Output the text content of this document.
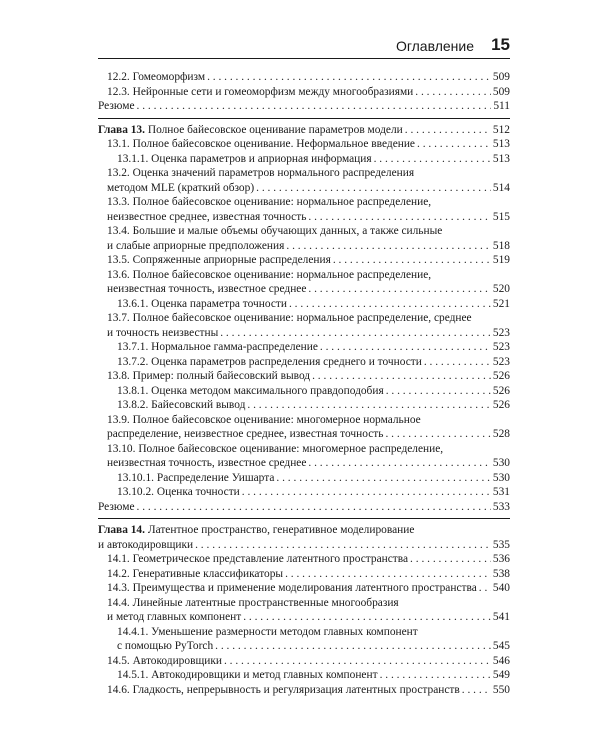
Оглавление 15
12.2. Гомеоморфизм . . .	509
12.3. Нейронные сети и гомеоморфизм между многообразиями . . .	509
Резюме . . .	511
Глава 13. Полное байесовское оценивание параметров модели . . .	512
13.1. Полное байесовское оценивание. Неформальное введение . . .	513
13.1.1. Оценка параметров и априорная информация . . .	513
13.2. Оценка значений параметров нормального распределения
методом MLE (краткий обзор) . . .	514
13.3. Полное байесовское оценивание: нормальное распределение,
неизвестное среднее, известная точность . . .	515
13.4. Большие и малые объемы обучающих данных, а также сильные
и слабые априорные предположения . . .	518
13.5. Сопряженные априорные распределения . . .	519
13.6. Полное байесовское оценивание: нормальное распределение,
неизвестная точность, известное среднее . . .	520
13.6.1. Оценка параметра точности . . .	521
13.7. Полное байесовское оценивание: нормальное распределение, среднее
и точность неизвестны . . .	523
13.7.1. Нормальное гамма-распределение . . .	523
13.7.2. Оценка параметров распределения среднего и точности . . .	523
13.8. Пример: полный байесовский вывод . . .	526
13.8.1. Оценка методом максимального правдоподобия . . .	526
13.8.2. Байесовский вывод . . .	526
13.9. Полное байесовское оценивание: многомерное нормальное
распределение, неизвестное среднее, известная точность . . .	528
13.10. Полное байесовское оценивание: многомерное распределение,
неизвестная точность, известное среднее . . .	530
13.10.1. Распределение Уишарта . . .	530
13.10.2. Оценка точности . . .	531
Резюме . . .	533
Глава 14. Латентное пространство, генеративное моделирование
и автокодировщики . . .	535
14.1. Геометрическое представление латентного пространства . . .	536
14.2. Генеративные классификаторы . . .	538
14.3. Преимущества и применение моделирования латентного пространства . . . 540
14.4. Линейные латентные пространственные многообразия
и метод главных компонент . . .	541
14.4.1. Уменьшение размерности методом главных компонент
с помощью PyTorch . . .	545
14.5. Автокодировщики . . .	546
14.5.1. Автокодировщики и метод главных компонент . . .	549
14.6. Гладкость, непрерывность и регуляризация латентных пространств . . .	550
